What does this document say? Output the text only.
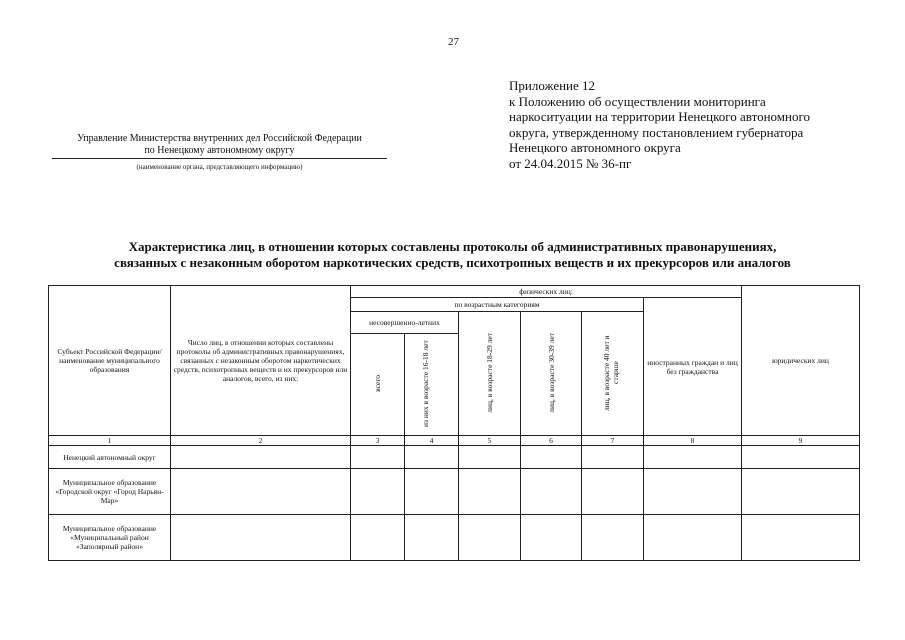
27
Приложение 12
к Положению об осуществлении мониторинга
наркоситуации на территории Ненецкого автономного
округа, утвержденному постановлением губернатора
Ненецкого автономного округа
от 24.04.2015 № 36-пг
Управление Министерства внутренних дел Российской Федерации
по Ненецкому автономному округу
(наименование органа, представляющего информацию)
Характеристика лиц, в отношении которых составлены протоколы об административных правонарушениях,
связанных с незаконным оборотом наркотических средств, психотропных веществ и их прекурсоров или аналогов
Субъект Российской Федерации/ наименование муниципального образования	Число лиц, в отношении которых составлены протоколы об административных правонарушениях, связанных с незаконным оборотом наркотических средств, психотропных веществ и их прекурсоров или аналогов, всего, из них:	физических лиц:						юридических лиц
		по возрастным категориям					иностранных граждан и лиц без гражданства	
		несовершенно-летних		лиц, в возрасте 18-29 лет	лиц, в возрасте 30-39 лет	лиц, в возрасте 40 лет и старше		
		всего	из них в возрасте 16-18 лет					
1	2	3	4	5	6	7	8	9
Ненецкий автономный округ								
Муниципальное образование «Городской округ «Город Нарьян-Мар»								
Муниципальное образование «Муниципальный район «Заполярный район»								
